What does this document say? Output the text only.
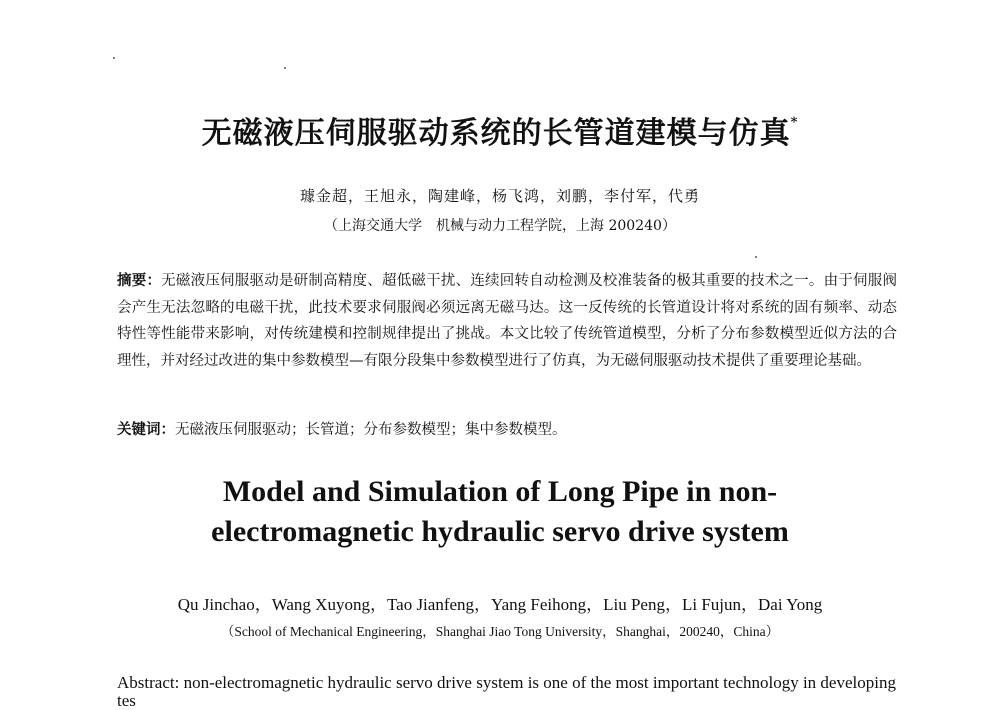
无磁液压伺服驱动系统的长管道建模与仿真*
璩金超，王旭永，陶建峰，杨飞鸿，刘鹏，李付军，代勇
（上海交通大学　机械与动力工程学院，上海 200240）
摘要：无磁液压伺服驱动是研制高精度、超低磁干扰、连续回转自动检测及校准装备的极其重要的技术之一。由于伺服阀会产生无法忽略的电磁干扰，此技术要求伺服阀必须远离无磁马达。这一反传统的长管道设计将对系统的固有频率、动态特性等性能带来影响，对传统建模和控制规律提出了挑战。本文比较了传统管道模型，分析了分布参数模型近似方法的合理性，并对经过改进的集中参数模型—有限分段集中参数模型进行了仿真，为无磁伺服驱动技术提供了重要理论基础。
关键词：无磁液压伺服驱动；长管道；分布参数模型；集中参数模型。
Model and Simulation of Long Pipe in non-
electromagnetic hydraulic servo drive system
Qu Jinchao，Wang Xuyong，Tao Jianfeng，Yang Feihong，Liu Peng，Li Fujun，Dai Yong
（School of Mechanical Engineering，Shanghai Jiao Tong University，Shanghai，200240，China）
Abstract: non-electromagnetic hydraulic servo drive system is one of the most important technology in developing tes
